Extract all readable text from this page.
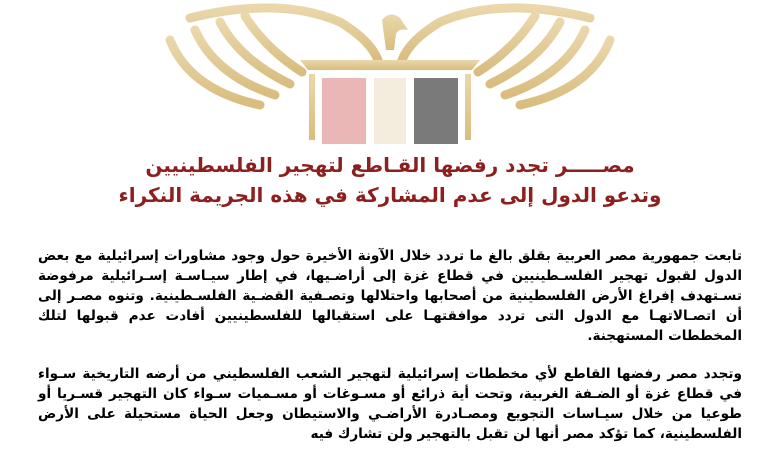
مصـــــر تجدد رفضها القـاطع لتهجير الفلسطينيين
وتدعو الدول إلى عدم المشاركة في هذه الجريمة النكراء

تابعت جمهورية مصر العربية بقلق بالغ ما تردد خلال الآونة الأخيرة حول وجود مشاورات إسرائيلية مع بعض الدول لقبول تهجير الفلسـطينيين في قطاع غزة إلى أراضـيها، في إطار سيـاسـة إسـرائيلية مرفوضة تسـتهدف إفراغ الأرض الفلسطينية من أصحابها واحتلالها وتصـفية القضـية الفلسـطينية. وتنوه مصـر إلى أن اتصـالاتهـا مع الدول التى تردد موافقتهـا على استقبالها للفلسطينيين أفادت عدم قبولها لتلك المخططات المستهجنة.

وتجدد مصر رفضها القاطع لأي مخططات إسرائيلية لتهجير الشعب الفلسطيني من أرضه التاريخية سـواء في قطاع غزة أو الضـفة الغربية، وتحت أية ذرائع أو مسـوغات أو مسـميات سـواء كان التهجير قسـريا أو طوعيا من خلال سيـاسات التجويع ومصـادرة الأراضـي والاستيطان وجعل الحياة مستحيلة على الأرض الفلسطينية، كما تؤكد مصر أنها لن تقبل بالتهجير ولن تشارك فيه
